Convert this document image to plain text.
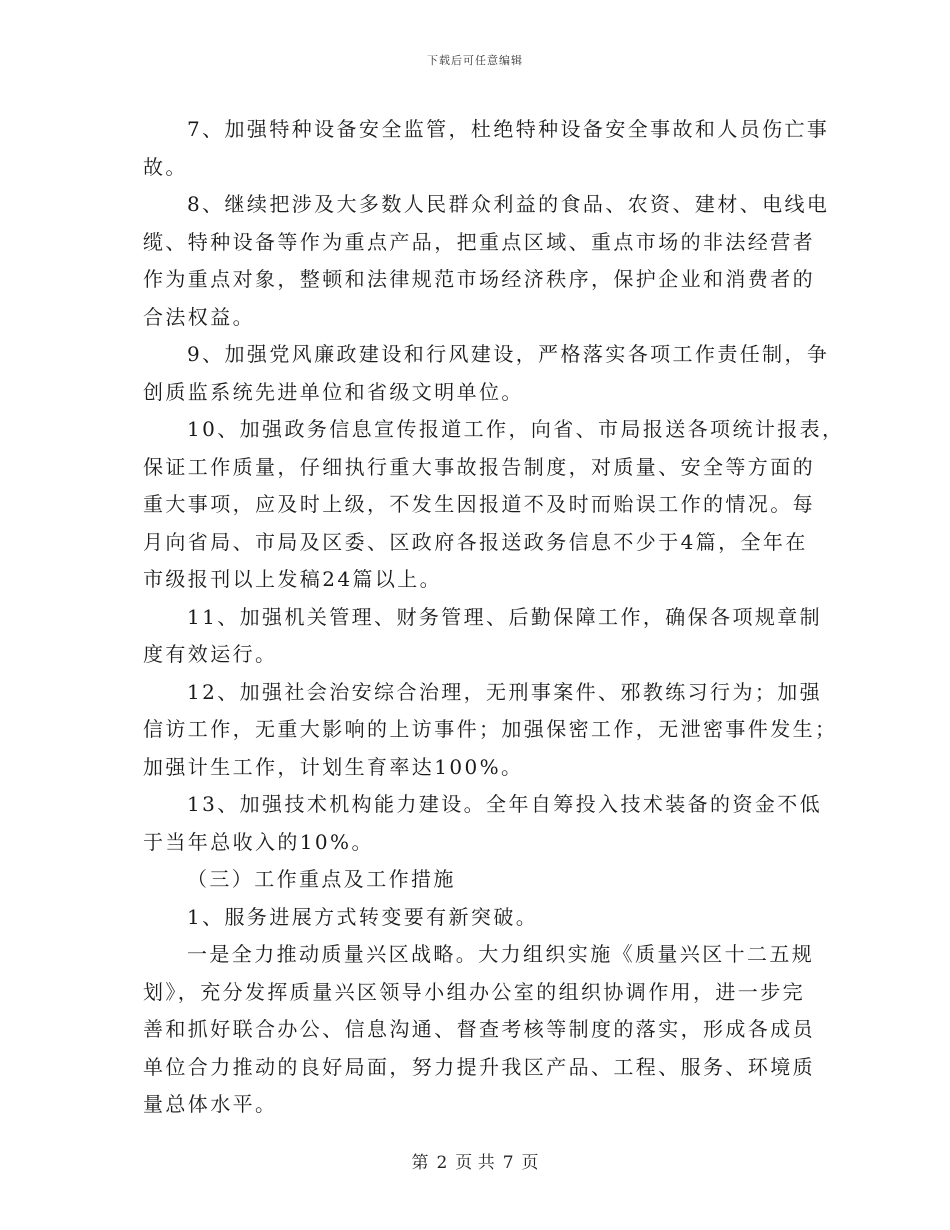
下载后可任意编辑
7、加强特种设备安全监管，杜绝特种设备安全事故和人员伤亡事
故。
8、继续把涉及大多数人民群众利益的食品、农资、建材、电线电
缆、特种设备等作为重点产品，把重点区域、重点市场的非法经营者
作为重点对象，整顿和法律规范市场经济秩序，保护企业和消费者的
合法权益。
9、加强党风廉政建设和行风建设，严格落实各项工作责任制，争
创质监系统先进单位和省级文明单位。
10、加强政务信息宣传报道工作，向省、市局报送各项统计报表，
保证工作质量，仔细执行重大事故报告制度，对质量、安全等方面的
重大事项，应及时上级，不发生因报道不及时而贻误工作的情况。每
月向省局、市局及区委、区政府各报送政务信息不少于4篇，全年在
市级报刊以上发稿24篇以上。
11、加强机关管理、财务管理、后勤保障工作，确保各项规章制
度有效运行。
12、加强社会治安综合治理，无刑事案件、邪教练习行为；加强
信访工作，无重大影响的上访事件；加强保密工作，无泄密事件发生；
加强计生工作，计划生育率达100%。
13、加强技术机构能力建设。全年自筹投入技术装备的资金不低
于当年总收入的10%。
（三）工作重点及工作措施
1、服务进展方式转变要有新突破。
一是全力推动质量兴区战略。大力组织实施《质量兴区十二五规
划》，充分发挥质量兴区领导小组办公室的组织协调作用，进一步完
善和抓好联合办公、信息沟通、督查考核等制度的落实，形成各成员
单位合力推动的良好局面，努力提升我区产品、工程、服务、环境质
量总体水平。
第 2 页 共 7 页
